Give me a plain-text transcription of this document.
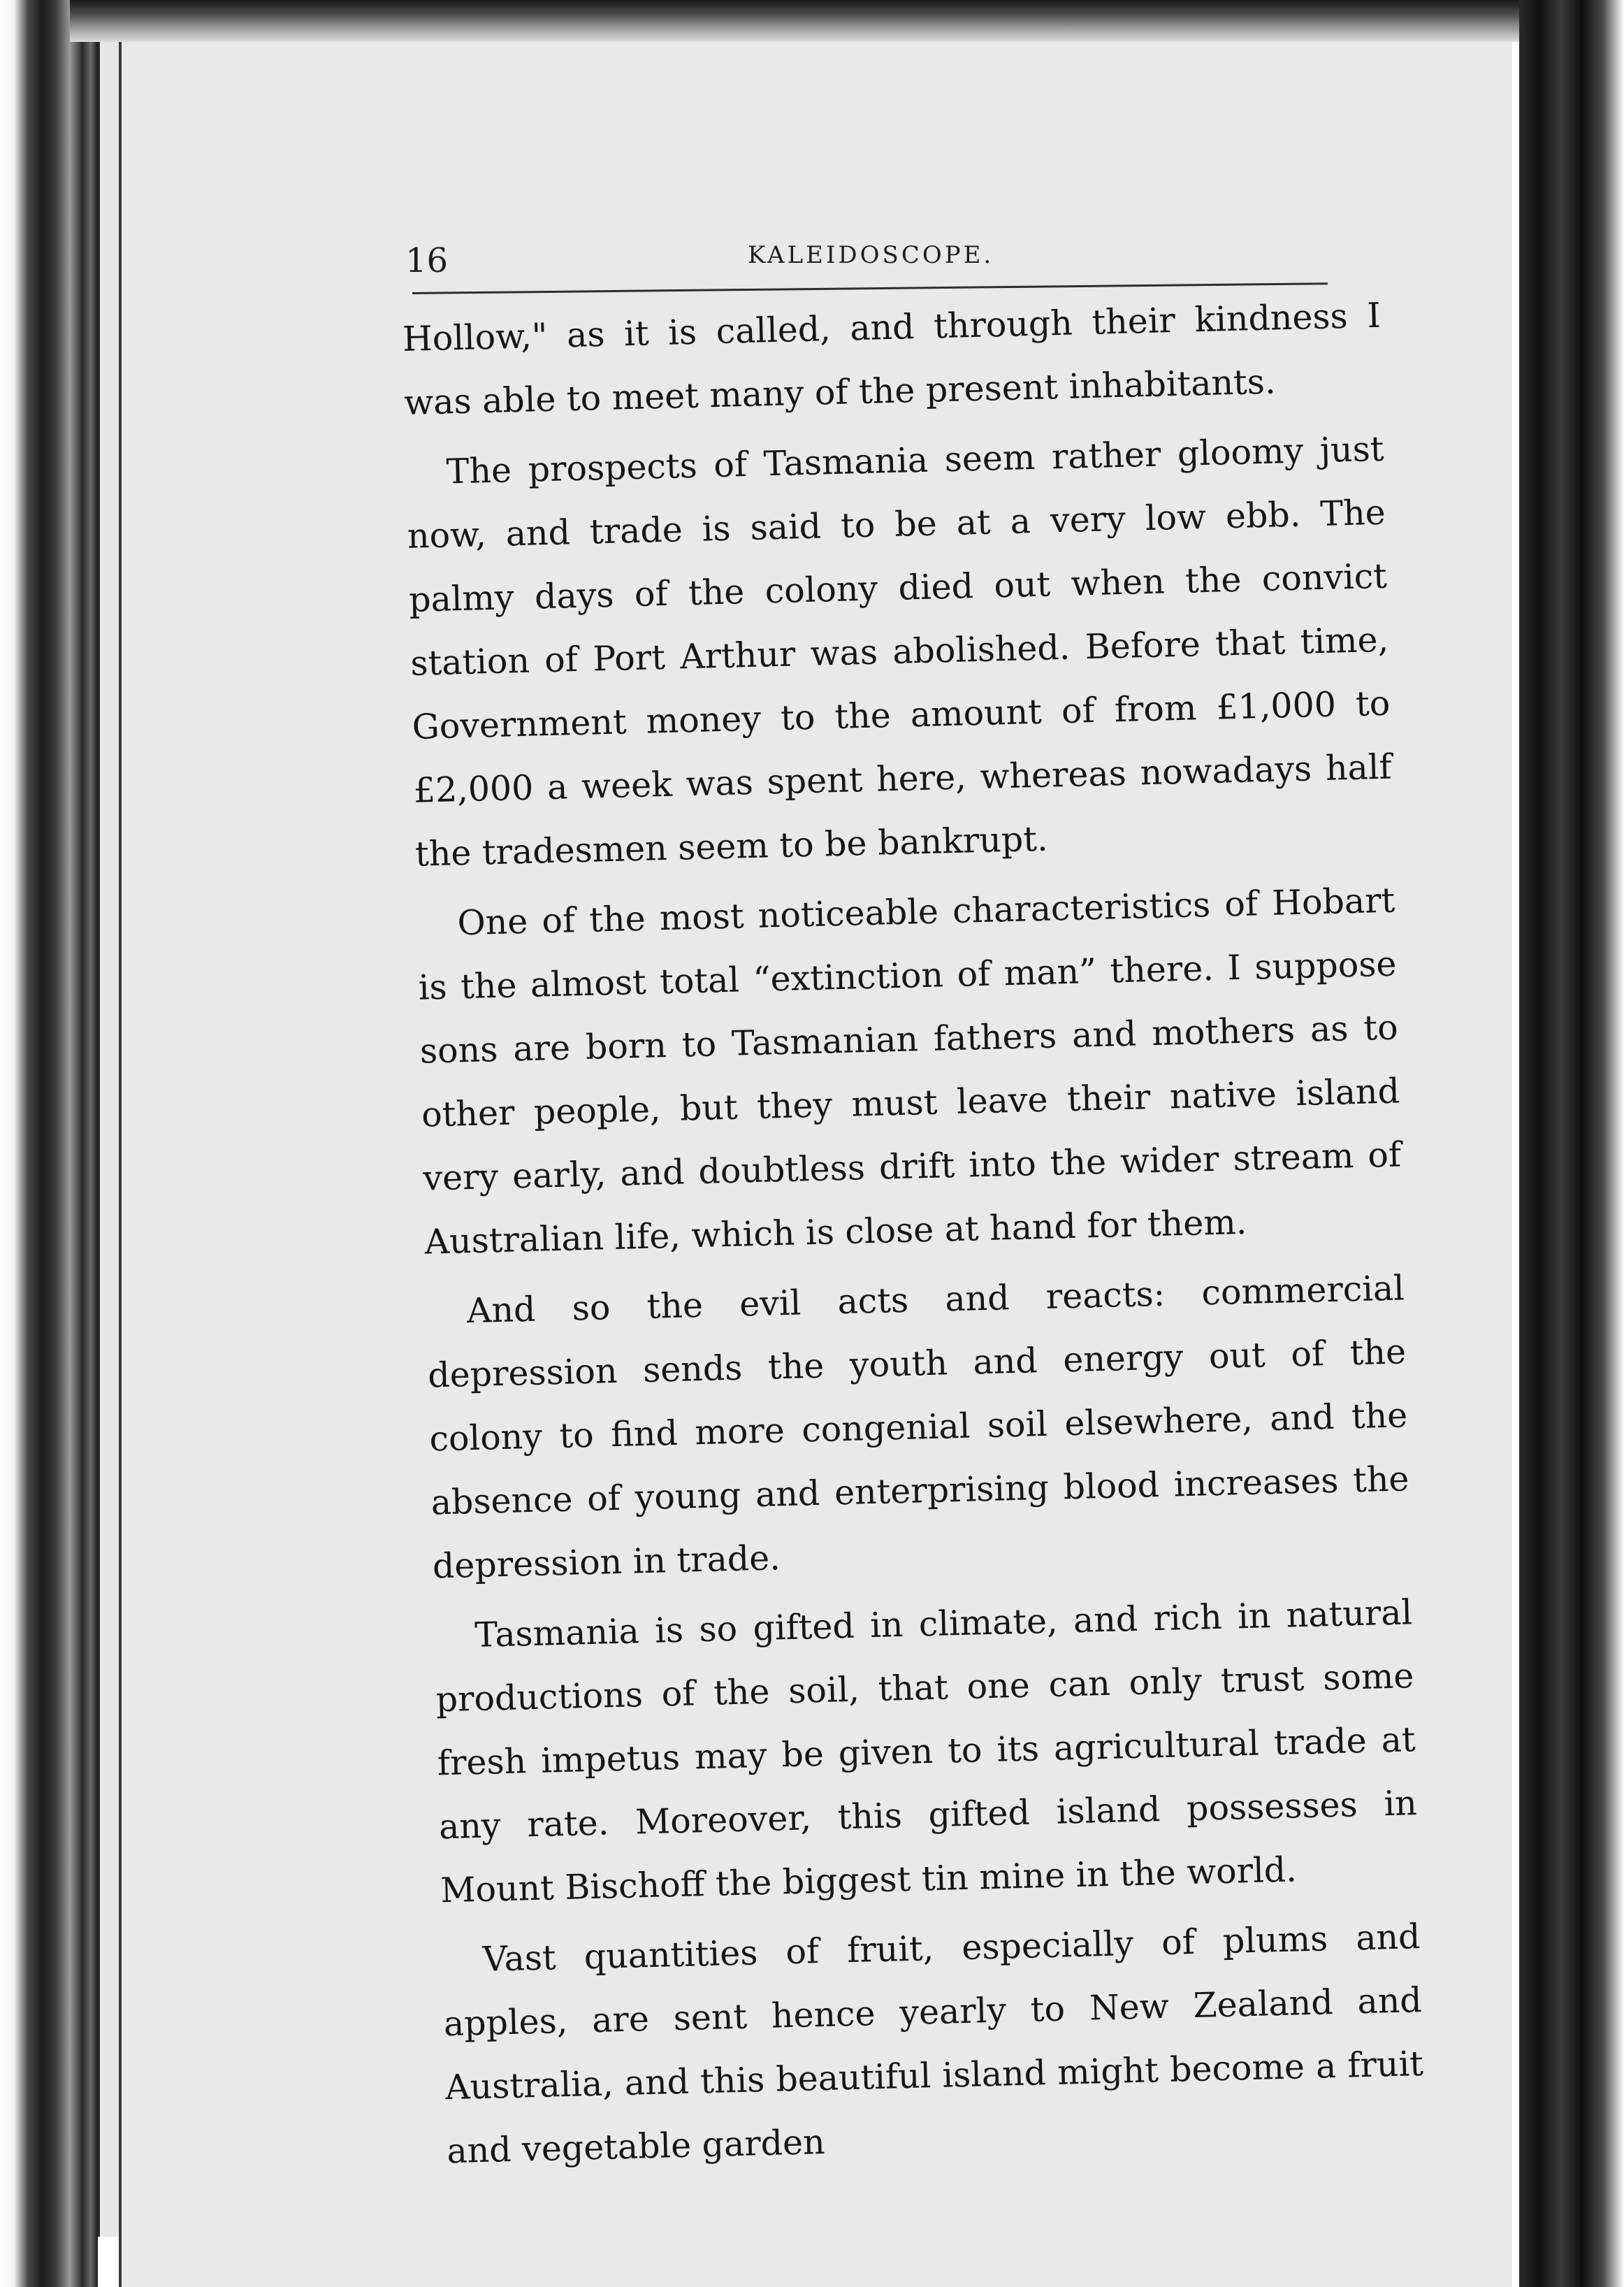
16	KALEIDOSCOPE.

Hollow," as it is called, and through their kindness I was able to meet many of the present inhabitants.

The prospects of Tasmania seem rather gloomy just now, and trade is said to be at a very low ebb. The palmy days of the colony died out when the convict station of Port Arthur was abolished. Before that time, Government money to the amount of from £1,000 to £2,000 a week was spent here, whereas nowadays half the tradesmen seem to be bankrupt.

One of the most noticeable characteristics of Hobart is the almost total “extinction of man” there. I suppose sons are born to Tasmanian fathers and mothers as to other people, but they must leave their native island very early, and doubtless drift into the wider stream of Australian life, which is close at hand for them.

And so the evil acts and reacts: commercial depression sends the youth and energy out of the colony to find more congenial soil elsewhere, and the absence of young and enterprising blood increases the depression in trade.

Tasmania is so gifted in climate, and rich in natural productions of the soil, that one can only trust some fresh impetus may be given to its agricultural trade at any rate. Moreover, this gifted island possesses in Mount Bischoff the biggest tin mine in the world.

Vast quantities of fruit, especially of plums and apples, are sent hence yearly to New Zealand and Australia, and this beautiful island might become a fruit and vegetable garden
